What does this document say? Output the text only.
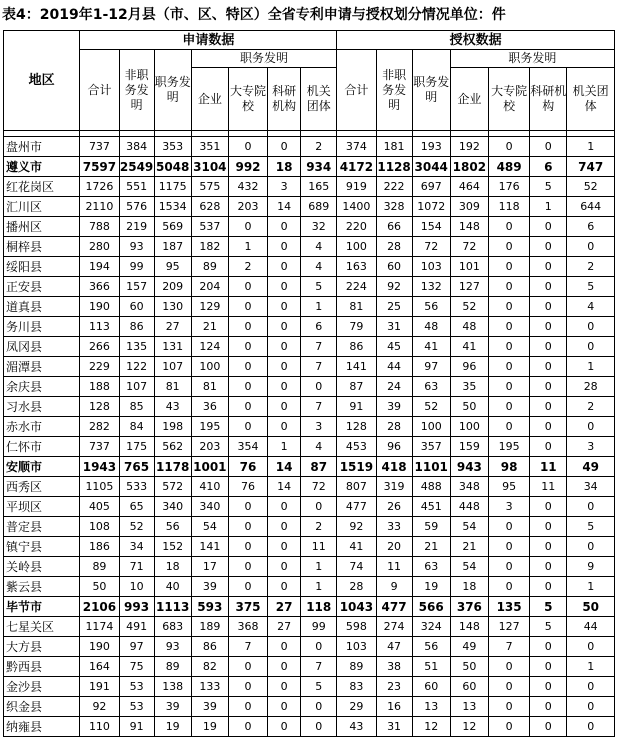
表4：2019年1-12月县（市、区、特区）全省专利申请与授权划分情况单位：件
地区	申请数据							授权数据						
	合计	非职务发明	职务发明	职务发明				合计	非职务发明	职务发明	职务发明			
				企业	大专院校	科研机构	机关团体				企业	大专院校	科研机构	机关团体

盘州市	737	384	353	351	0	0	2	374	181	193	192	0	0	1
遵义市	7597	2549	5048	3104	992	18	934	4172	1128	3044	1802	489	6	747
红花岗区	1726	551	1175	575	432	3	165	919	222	697	464	176	5	52
汇川区	2110	576	1534	628	203	14	689	1400	328	1072	309	118	1	644
播州区	788	219	569	537	0	0	32	220	66	154	148	0	0	6
桐梓县	280	93	187	182	1	0	4	100	28	72	72	0	0	0
绥阳县	194	99	95	89	2	0	4	163	60	103	101	0	0	2
正安县	366	157	209	204	0	0	5	224	92	132	127	0	0	5
道真县	190	60	130	129	0	0	1	81	25	56	52	0	0	4
务川县	113	86	27	21	0	0	6	79	31	48	48	0	0	0
凤冈县	266	135	131	124	0	0	7	86	45	41	41	0	0	0
湄潭县	229	122	107	100	0	0	7	141	44	97	96	0	0	1
余庆县	188	107	81	81	0	0	0	87	24	63	35	0	0	28
习水县	128	85	43	36	0	0	7	91	39	52	50	0	0	2
赤水市	282	84	198	195	0	0	3	128	28	100	100	0	0	0
仁怀市	737	175	562	203	354	1	4	453	96	357	159	195	0	3
安顺市	1943	765	1178	1001	76	14	87	1519	418	1101	943	98	11	49
西秀区	1105	533	572	410	76	14	72	807	319	488	348	95	11	34
平坝区	405	65	340	340	0	0	0	477	26	451	448	3	0	0
普定县	108	52	56	54	0	0	2	92	33	59	54	0	0	5
镇宁县	186	34	152	141	0	0	11	41	20	21	21	0	0	0
关岭县	89	71	18	17	0	0	1	74	11	63	54	0	0	9
紫云县	50	10	40	39	0	0	1	28	9	19	18	0	0	1
毕节市	2106	993	1113	593	375	27	118	1043	477	566	376	135	5	50
七星关区	1174	491	683	189	368	27	99	598	274	324	148	127	5	44
大方县	190	97	93	86	7	0	0	103	47	56	49	7	0	0
黔西县	164	75	89	82	0	0	7	89	38	51	50	0	0	1
金沙县	191	53	138	133	0	0	5	83	23	60	60	0	0	0
织金县	92	53	39	39	0	0	0	29	16	13	13	0	0	0
纳雍县	110	91	19	19	0	0	0	43	31	12	12	0	0	0
